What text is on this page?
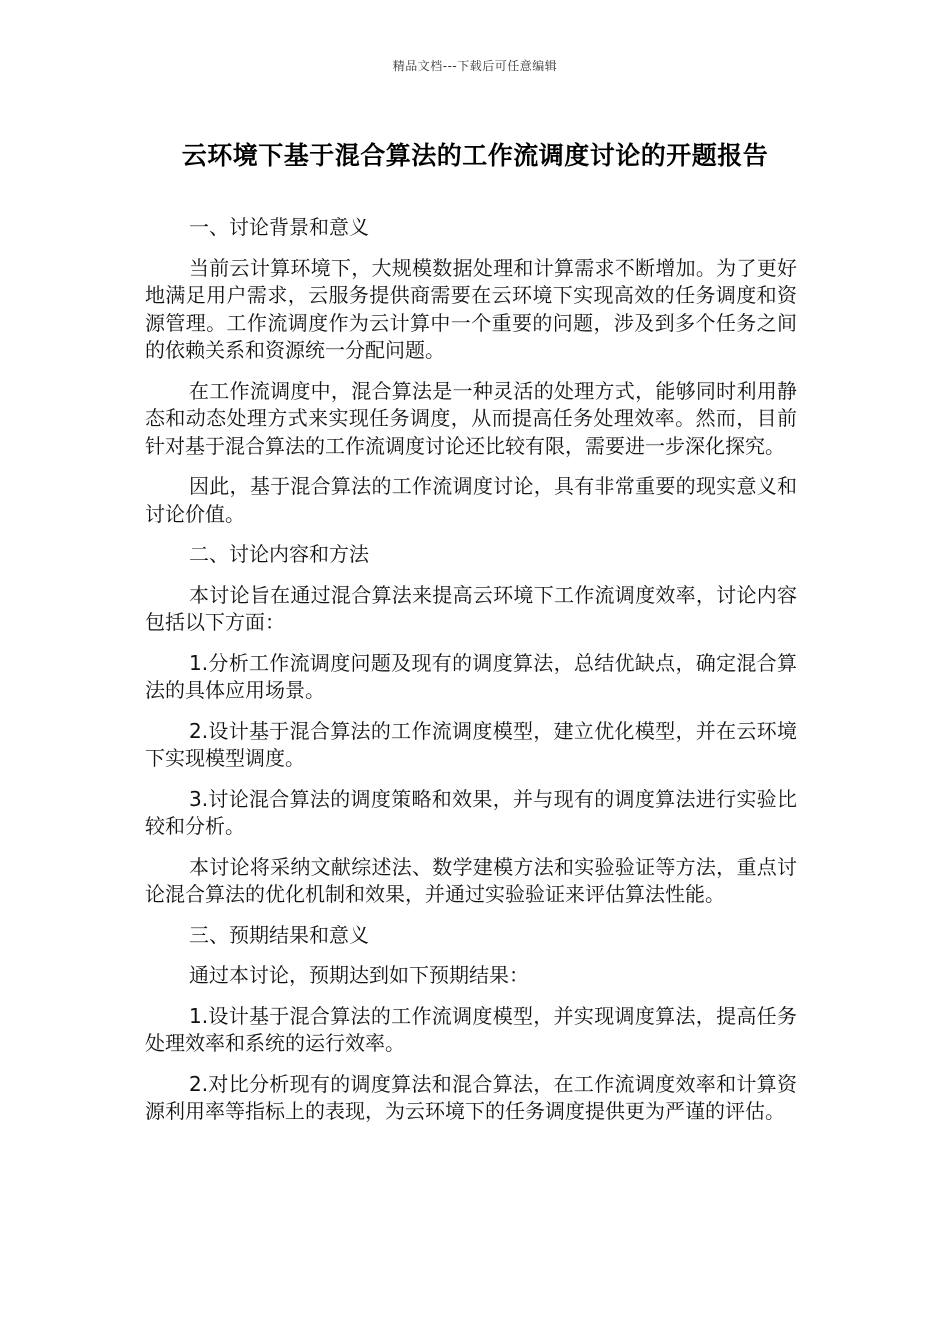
精品文档---下载后可任意编辑
云环境下基于混合算法的工作流调度讨论的开题报告

一、讨论背景和意义

当前云计算环境下，大规模数据处理和计算需求不断增加。为了更好地满足用户需求，云服务提供商需要在云环境下实现高效的任务调度和资源管理。工作流调度作为云计算中一个重要的问题，涉及到多个任务之间的依赖关系和资源统一分配问题。

在工作流调度中，混合算法是一种灵活的处理方式，能够同时利用静态和动态处理方式来实现任务调度，从而提高任务处理效率。然而，目前针对基于混合算法的工作流调度讨论还比较有限，需要进一步深化探究。

因此，基于混合算法的工作流调度讨论，具有非常重要的现实意义和讨论价值。

二、讨论内容和方法

本讨论旨在通过混合算法来提高云环境下工作流调度效率，讨论内容包括以下方面：

1.分析工作流调度问题及现有的调度算法，总结优缺点，确定混合算法的具体应用场景。

2.设计基于混合算法的工作流调度模型，建立优化模型，并在云环境下实现模型调度。

3.讨论混合算法的调度策略和效果，并与现有的调度算法进行实验比较和分析。

本讨论将采纳文献综述法、数学建模方法和实验验证等方法，重点讨论混合算法的优化机制和效果，并通过实验验证来评估算法性能。

三、预期结果和意义

通过本讨论，预期达到如下预期结果：

1.设计基于混合算法的工作流调度模型，并实现调度算法，提高任务处理效率和系统的运行效率。

2.对比分析现有的调度算法和混合算法，在工作流调度效率和计算资源利用率等指标上的表现，为云环境下的任务调度提供更为严谨的评估。
